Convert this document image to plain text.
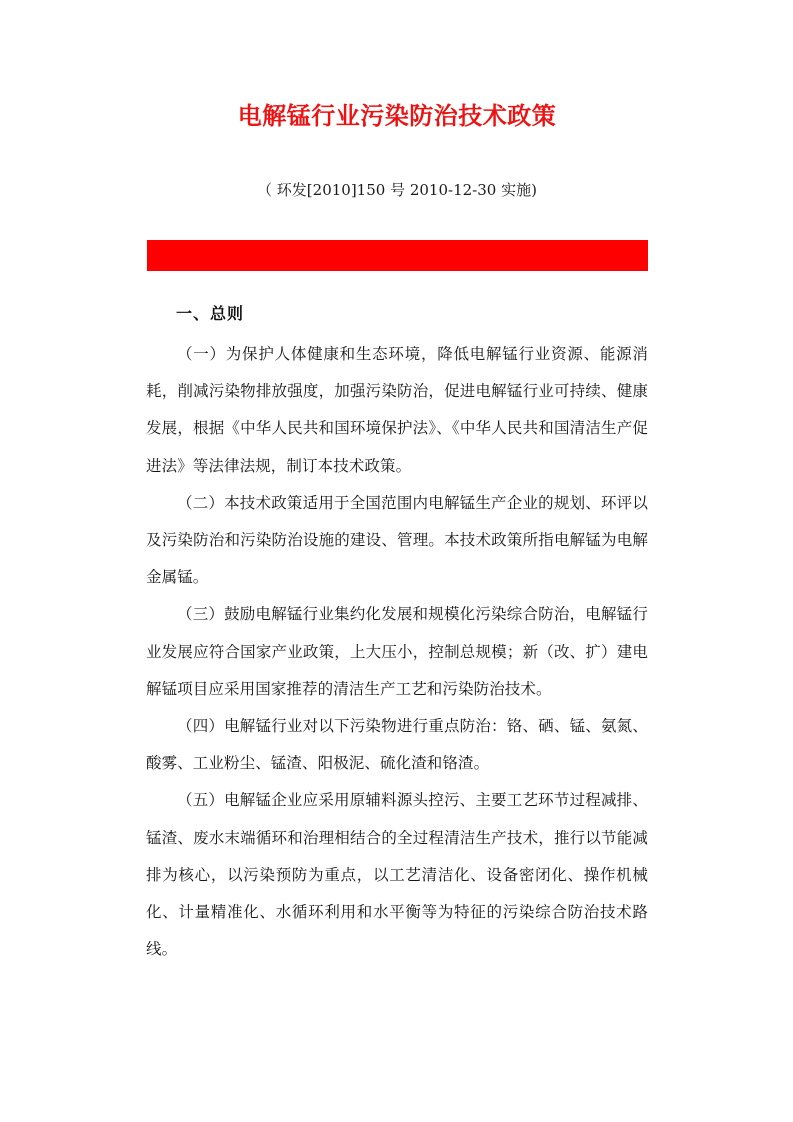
电解锰行业污染防治技术政策
（ 环发[2010]150 号 2010-12-30 实施)
一、总则

（一）为保护人体健康和生态环境，降低电解锰行业资源、能源消耗，削减污染物排放强度，加强污染防治，促进电解锰行业可持续、健康发展，根据《中华人民共和国环境保护法》、《中华人民共和国清洁生产促进法》等法律法规，制订本技术政策。

（二）本技术政策适用于全国范围内电解锰生产企业的规划、环评以及污染防治和污染防治设施的建设、管理。本技术政策所指电解锰为电解金属锰。

（三）鼓励电解锰行业集约化发展和规模化污染综合防治，电解锰行业发展应符合国家产业政策，上大压小，控制总规模；新（改、扩）建电解锰项目应采用国家推荐的清洁生产工艺和污染防治技术。

（四）电解锰行业对以下污染物进行重点防治：铬、硒、锰、氨氮、酸雾、工业粉尘、锰渣、阳极泥、硫化渣和铬渣。

（五）电解锰企业应采用原辅料源头控污、主要工艺环节过程减排、锰渣、废水末端循环和治理相结合的全过程清洁生产技术，推行以节能减排为核心，以污染预防为重点，以工艺清洁化、设备密闭化、操作机械化、计量精准化、水循环利用和水平衡等为特征的污染综合防治技术路线。
